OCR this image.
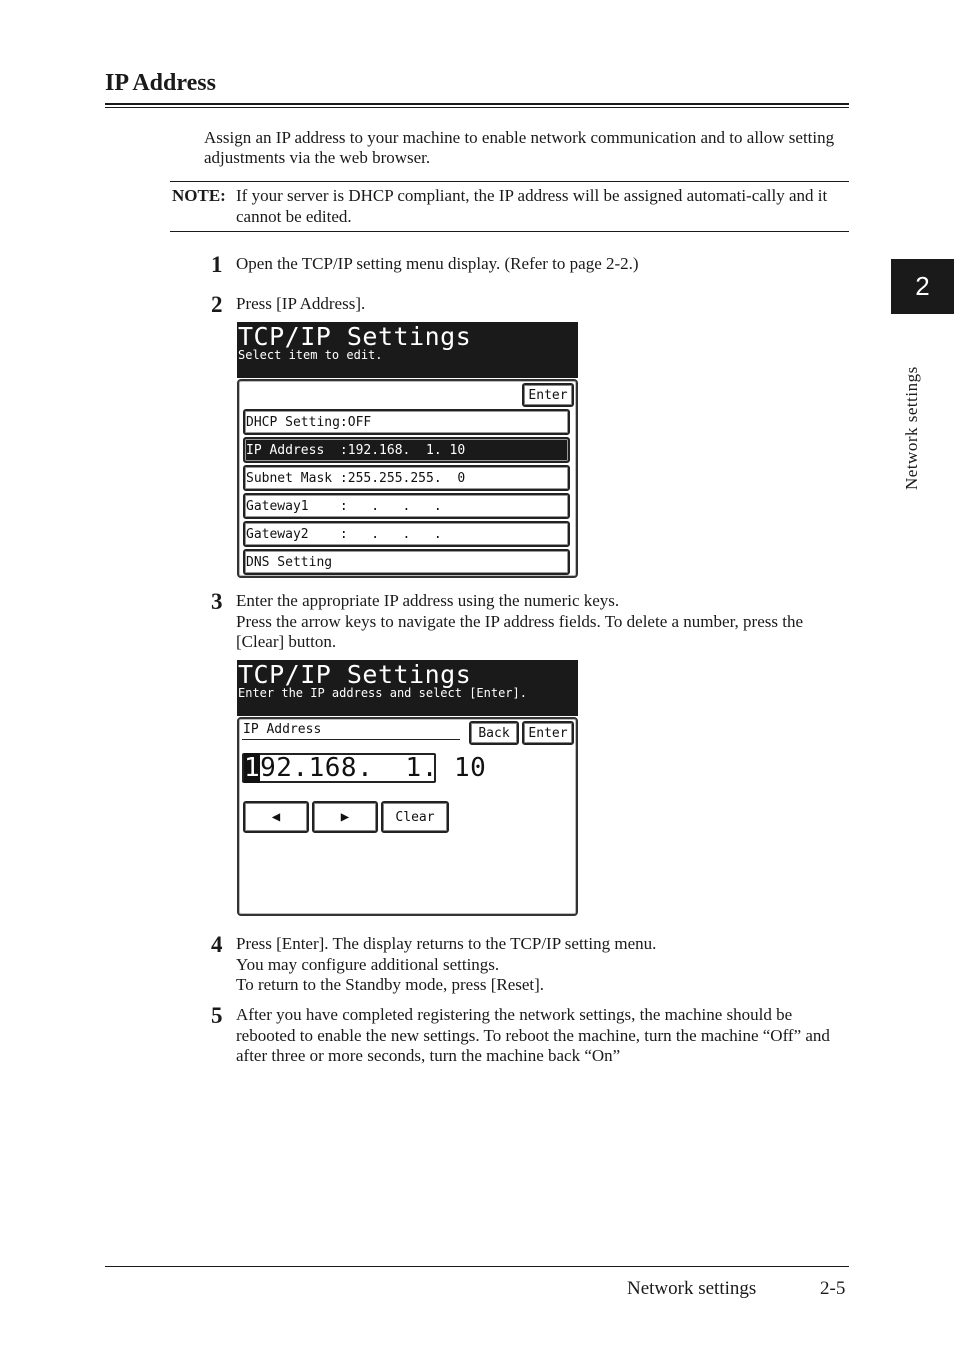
IP Address
Assign an IP address to your machine to enable network communication and to allow setting adjustments via the web browser.
NOTE: If your server is DHCP compliant, the IP address will be assigned automati-cally and it cannot be edited.
1 Open the TCP/IP setting menu display. (Refer to page 2-2.)
2 Press [IP Address].
TCP/IP Settings
Select item to edit.
Enter
DHCP Setting:OFF
IP Address  :192.168.  1. 10
Subnet Mask :255.255.255.  0
Gateway1    :   .   .   .
Gateway2    :   .   .   .
DNS Setting
3 Enter the appropriate IP address using the numeric keys.
Press the arrow keys to navigate the IP address fields. To delete a number, press the [Clear] button.
TCP/IP Settings
Enter the IP address and select [Enter].
IP Address	Back	Enter
1 92.168.  1. 10
◀	▶	Clear
4 Press [Enter]. The display returns to the TCP/IP setting menu.
You may configure additional settings.
To return to the Standby mode, press [Reset].
5 After you have completed registering the network settings, the machine should be rebooted to enable the new settings. To reboot the machine, turn the machine “Off” and after three or more seconds, turn the machine back “On”
2
Network settings
Network settings	2-5
